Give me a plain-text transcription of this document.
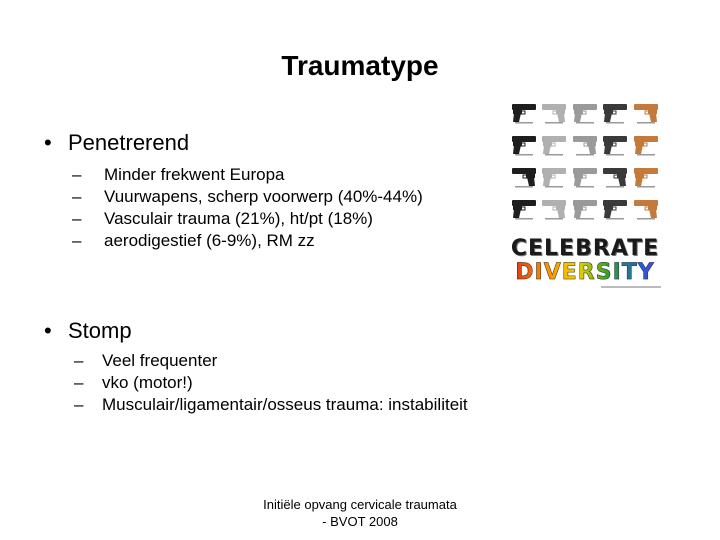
Traumatype
• Penetrerend
– Minder frekwent Europa
– Vuurwapens, scherp voorwerp (40%-44%)
– Vasculair trauma (21%), ht/pt (18%)
– aerodigestief (6-9%), RM zz
• Stomp
– Veel frequenter
– vko (motor!)
– Musculair/ligamentair/osseus trauma: instabiliteit
CELEBRATE
DIVERSITY
Initiële opvang cervicale traumata
- BVOT 2008
